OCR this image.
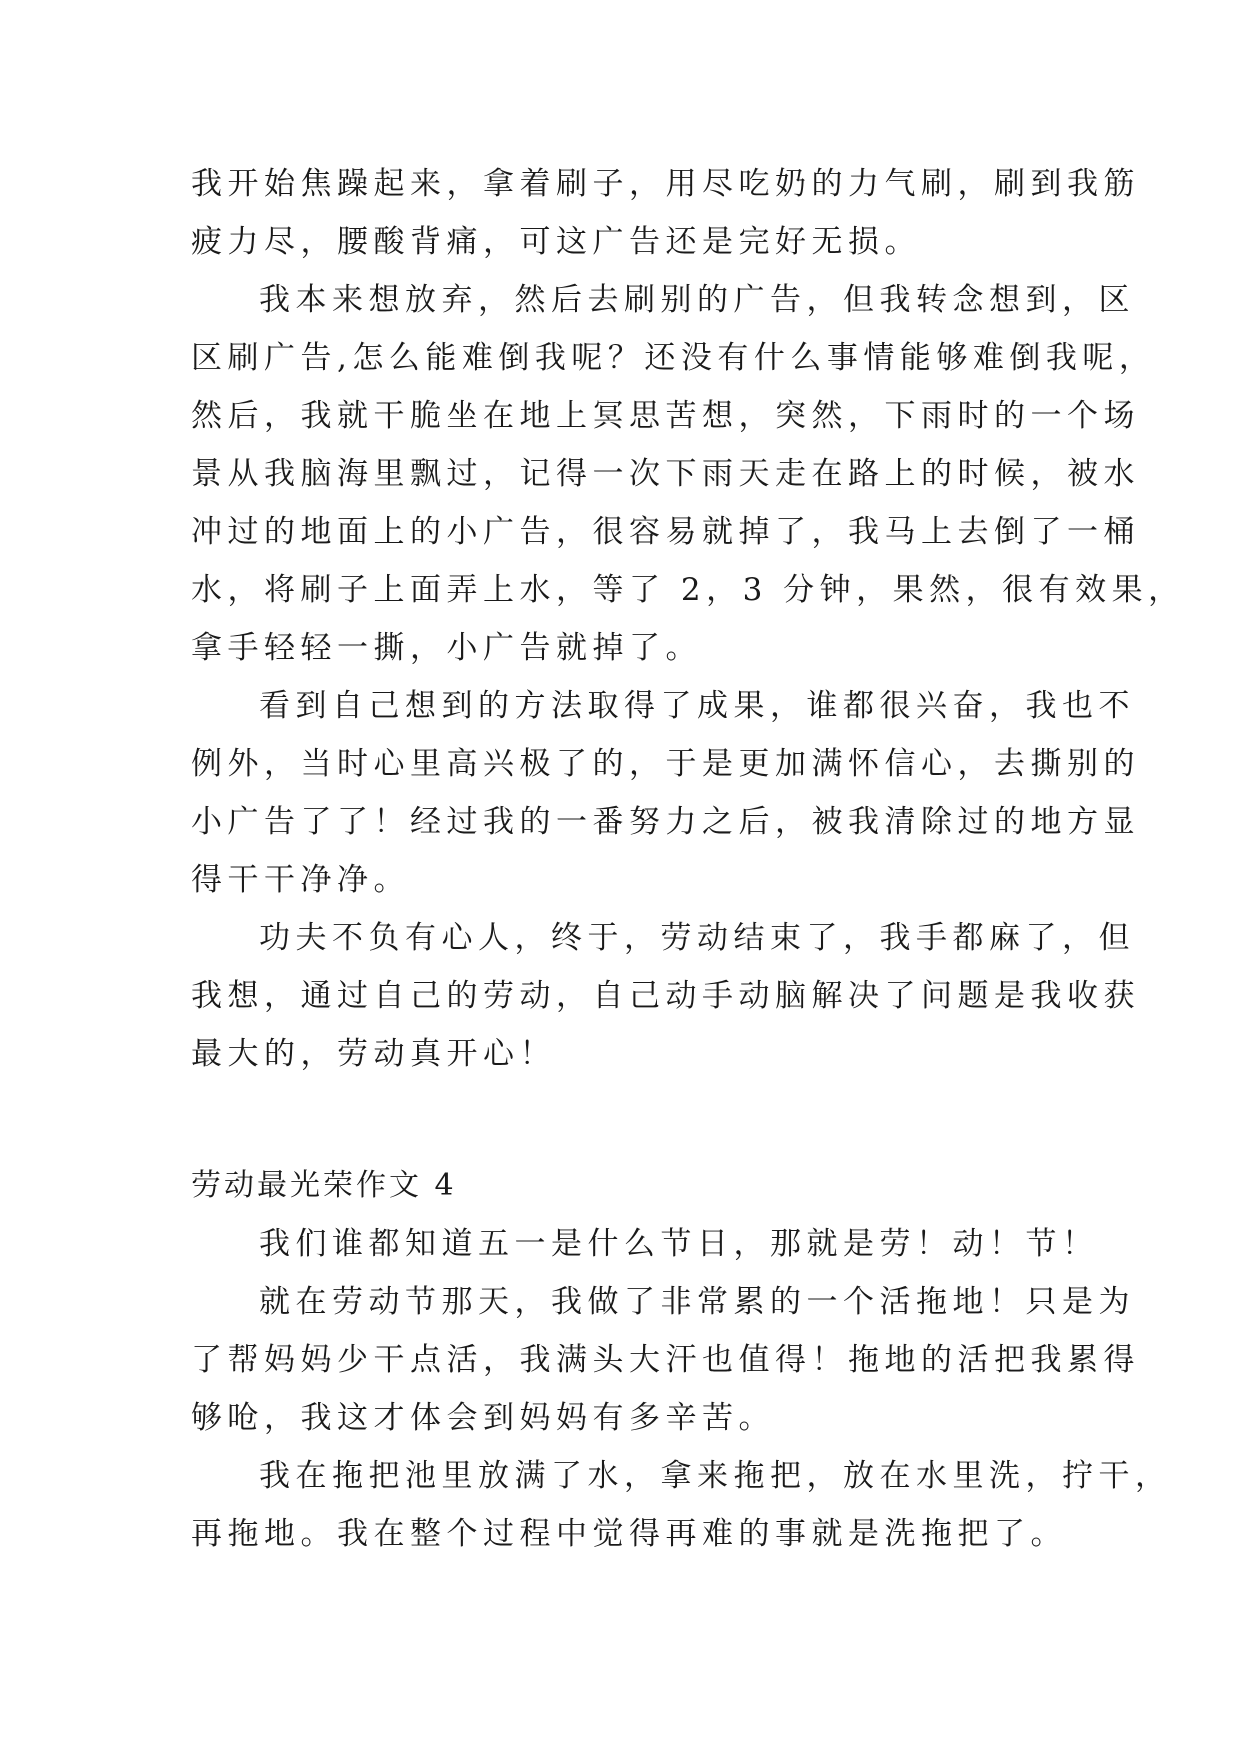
我开始焦躁起来，拿着刷子，用尽吃奶的力气刷，刷到我筋
疲力尽，腰酸背痛，可这广告还是完好无损。
我本来想放弃，然后去刷别的广告，但我转念想到，区
区刷广告,怎么能难倒我呢？还没有什么事情能够难倒我呢，
然后，我就干脆坐在地上冥思苦想，突然，下雨时的一个场
景从我脑海里飘过，记得一次下雨天走在路上的时候，被水
冲过的地面上的小广告，很容易就掉了，我马上去倒了一桶
水，将刷子上面弄上水，等了 2，3 分钟，果然，很有效果，
拿手轻轻一撕，小广告就掉了。
看到自己想到的方法取得了成果，谁都很兴奋，我也不
例外，当时心里高兴极了的，于是更加满怀信心，去撕别的
小广告了了！经过我的一番努力之后，被我清除过的地方显
得干干净净。
功夫不负有心人，终于，劳动结束了，我手都麻了，但
我想，通过自己的劳动，自己动手动脑解决了问题是我收获
最大的，劳动真开心！
劳动最光荣作文 4
我们谁都知道五一是什么节日，那就是劳！动！节！
就在劳动节那天，我做了非常累的一个活拖地！只是为
了帮妈妈少干点活，我满头大汗也值得！拖地的活把我累得
够呛，我这才体会到妈妈有多辛苦。
我在拖把池里放满了水，拿来拖把，放在水里洗，拧干，
再拖地。我在整个过程中觉得再难的事就是洗拖把了。
